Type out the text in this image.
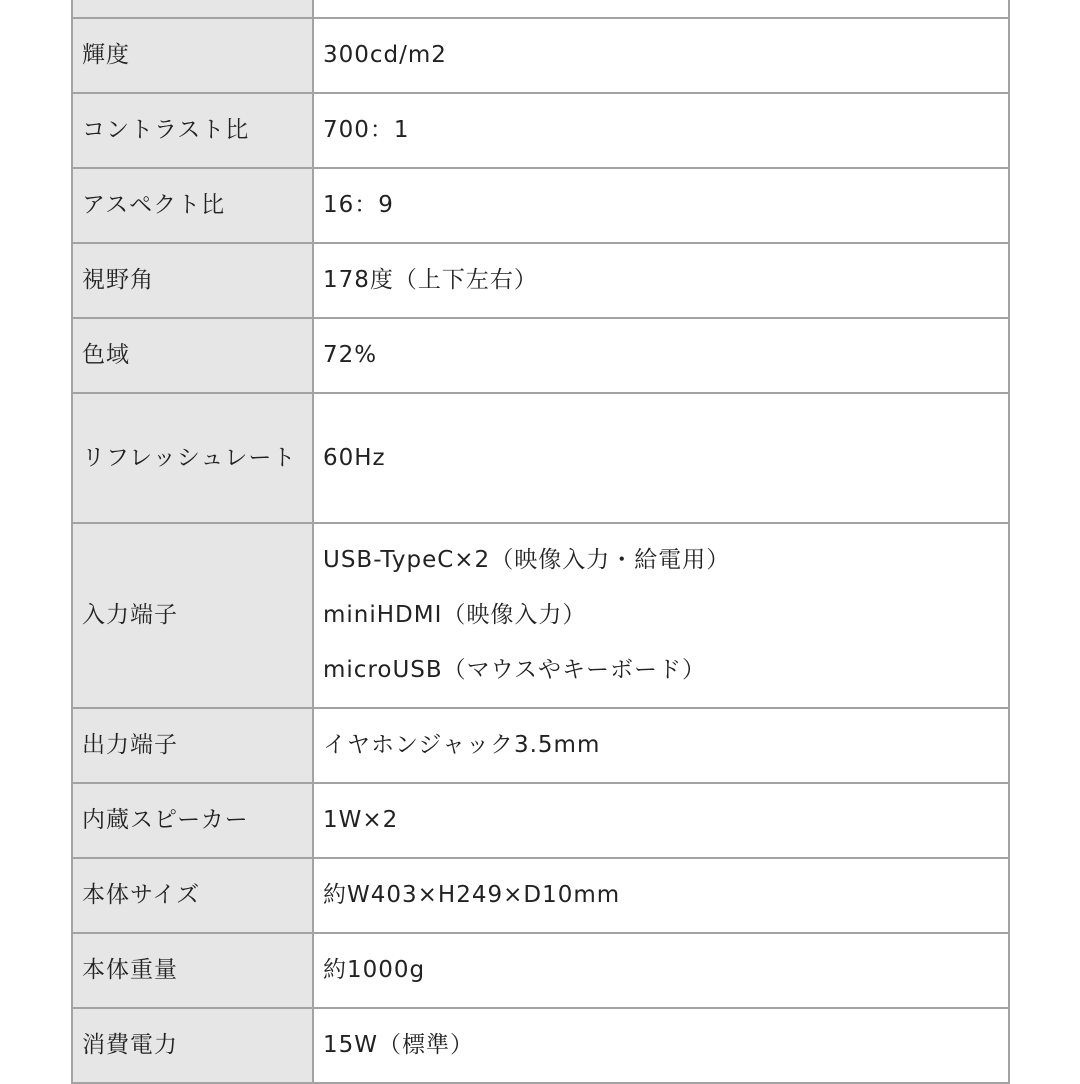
輝度	300cd/m2
コントラスト比	700：1
アスペクト比	16：9
視野角	178度（上下左右）
色域	72%
リフレッシュレート	60Hz
入力端子	USB-TypeC×2（映像入力・給電用）
miniHDMI（映像入力）
microUSB（マウスやキーボード）

出力端子	イヤホンジャック3.5mm
内蔵スピーカー	1W×2
本体サイズ	約W403×H249×D10mm
本体重量	約1000g
消費電力	15W（標準）
